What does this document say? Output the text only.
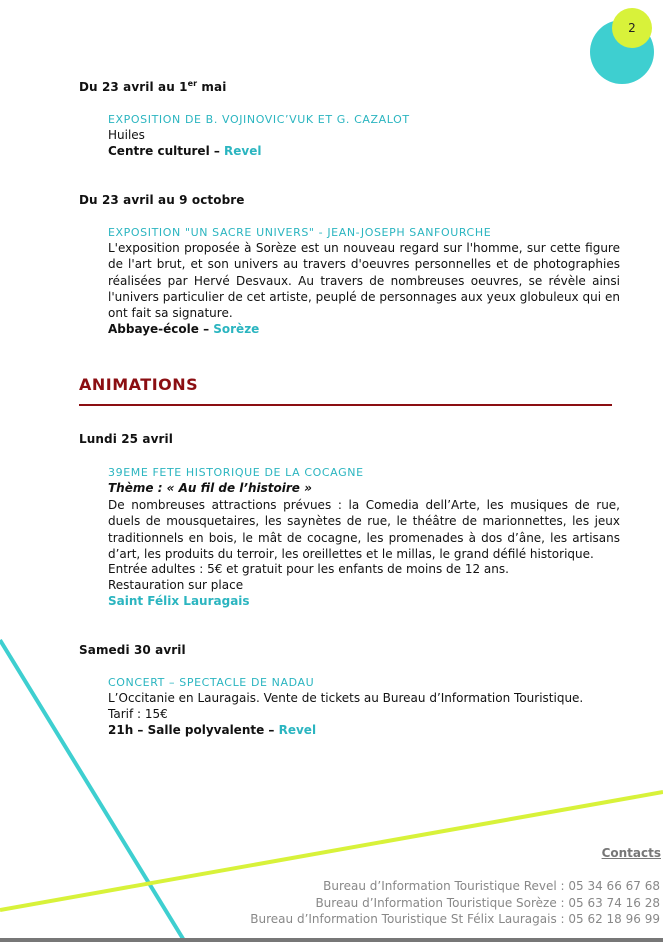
2
Du 23 avril au 1er mai
EXPOSITION DE B. VOJINOVIC’VUK ET G. CAZALOT
Huiles
Centre culturel – Revel
Du 23 avril au 9 octobre
EXPOSITION "UN SACRE UNIVERS" - JEAN-JOSEPH SANFOURCHE
L'exposition proposée à Sorèze est un nouveau regard sur l'homme, sur cette figure de l'art brut, et son univers au travers d'oeuvres personnelles et de photographies réalisées par Hervé Desvaux. Au travers de nombreuses oeuvres, se révèle ainsi l'univers particulier de cet artiste, peuplé de personnages aux yeux globuleux qui en ont fait sa signature.
Abbaye-école – Sorèze
ANIMATIONS
Lundi 25 avril
39EME FETE HISTORIQUE DE LA COCAGNE
Thème : « Au fil de l’histoire »
De nombreuses attractions prévues : la Comedia dell’Arte, les musiques de rue, duels de mousquetaires, les saynètes de rue, le théâtre de marionnettes, les jeux traditionnels en bois, le mât de cocagne, les promenades à dos d’âne, les artisans d’art, les produits du terroir, les oreillettes et le millas, le grand défilé historique.
Entrée adultes : 5€ et gratuit pour les enfants de moins de 12 ans.
Restauration sur place
Saint Félix Lauragais
Samedi 30 avril
CONCERT – SPECTACLE DE NADAU
L’Occitanie en Lauragais. Vente de tickets au Bureau d’Information Touristique.
Tarif : 15€
21h – Salle polyvalente – Revel
Contacts
Bureau d’Information Touristique Revel : 05 34 66 67 68
Bureau d’Information Touristique Sorèze : 05 63 74 16 28
Bureau d’Information Touristique St Félix Lauragais : 05 62 18 96 99
